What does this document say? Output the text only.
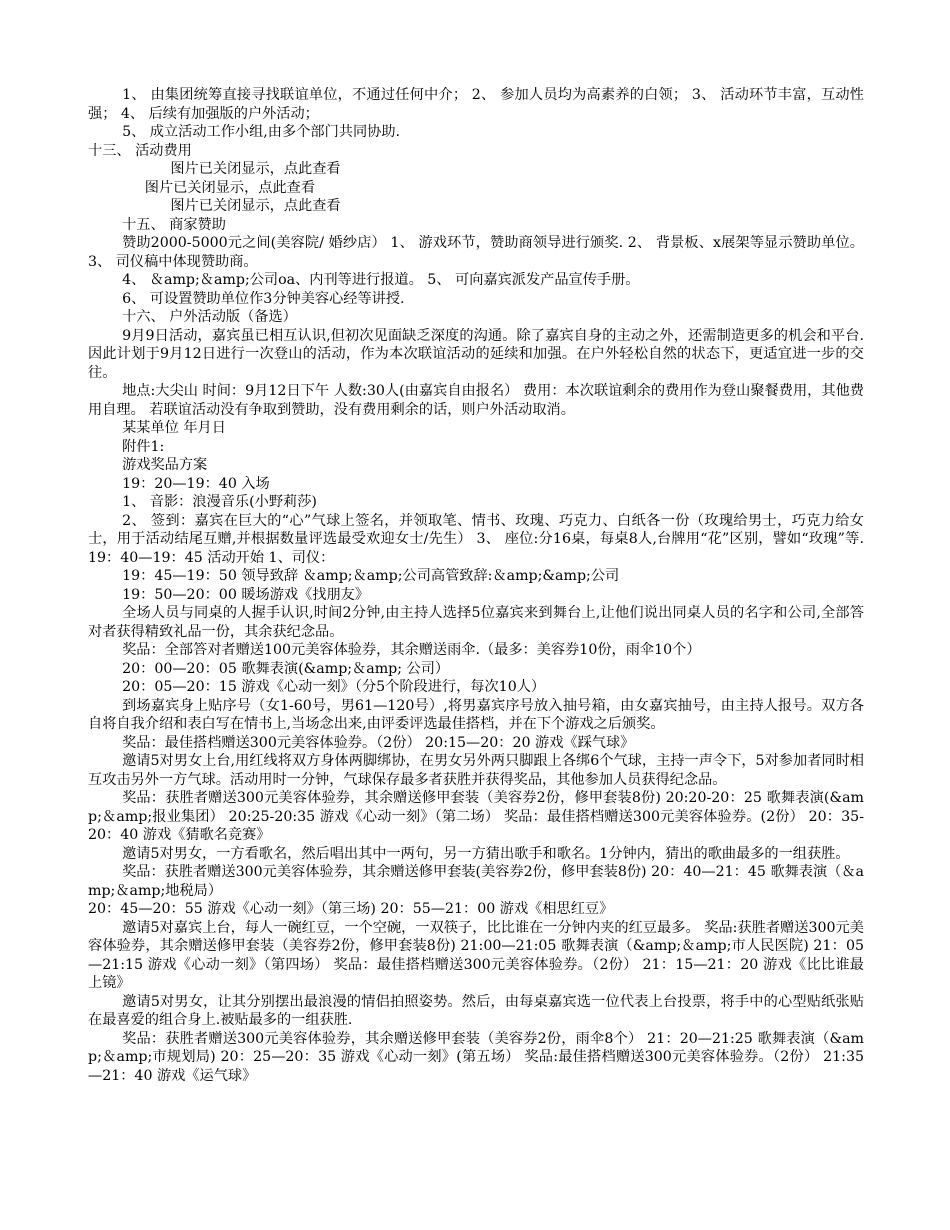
1、 由集团统筹直接寻找联谊单位，不通过任何中介； 2、 参加人员均为高素养的白领； 3、 活动环节丰富，互动性强； 4、 后续有加强版的户外活动；

5、 成立活动工作小组,由多个部门共同协助.

十三、 活动费用

图片已关闭显示，点此查看

图片已关闭显示，点此查看

图片已关闭显示，点此查看

十五、 商家赞助

赞助2000-5000元之间(美容院/ 婚纱店） 1、 游戏环节，赞助商领导进行颁奖. 2、 背景板、x展架等显示赞助单位。 3、 司仪稿中体现赞助商。

4、 ＆amp;＆amp;公司oa、内刊等进行报道。 5、 可向嘉宾派发产品宣传手册。

6、 可设置赞助单位作3分钟美容心经等讲授.

十六、 户外活动版（备选）

9月9日活动，嘉宾虽已相互认识,但初次见面缺乏深度的沟通。除了嘉宾自身的主动之外，还需制造更多的机会和平台.因此计划于9月12日进行一次登山的活动，作为本次联谊活动的延续和加强。在户外轻松自然的状态下，更适宜进一步的交往。

地点:大尖山 时间：9月12日下午 人数:30人(由嘉宾自由报名） 费用：本次联谊剩余的费用作为登山聚餐费用，其他费用自理。 若联谊活动没有争取到赞助，没有费用剩余的话，则户外活动取消。

某某单位 年月日

附件1:

游戏奖品方案

19：20—19：40 入场

1、 音影：浪漫音乐(小野莉莎)

2、 签到：嘉宾在巨大的“心”气球上签名，并领取笔、情书、玫瑰、巧克力、白纸各一份（玫瑰给男士，巧克力给女士，用于活动结尾互赠,并根据数量评选最受欢迎女士/先生） 3、 座位:分16桌，每桌8人,台牌用“花”区别，譬如“玫瑰”等. 19：40—19：45 活动开始 1、司仪：

19：45—19：50 领导致辞 ＆amp;＆amp;公司高管致辞:＆amp;&amp;公司

19：50—20：00 暖场游戏《找朋友》

全场人员与同桌的人握手认识,时间2分钟,由主持人选择5位嘉宾来到舞台上,让他们说出同桌人员的名字和公司,全部答对者获得精致礼品一份，其余获纪念品。

奖品：全部答对者赠送100元美容体验券，其余赠送雨伞.（最多：美容券10份，雨伞10个）

20：00—20：05 歌舞表演(&amp;＆amp; 公司）

20：05—20：15 游戏《心动一刻》（分5个阶段进行，每次10人）

到场嘉宾身上贴序号（女1-60号，男61—120号）,将男嘉宾序号放入抽号箱，由女嘉宾抽号，由主持人报号。双方各自将自我介绍和表白写在情书上,当场念出来,由评委评选最佳搭档，并在下个游戏之后颁奖。

奖品：最佳搭档赠送300元美容体验券。（2份） 20:15—20：20 游戏《踩气球》

邀请5对男女上台,用红线将双方身体两脚绑协，在男女另外两只脚跟上各绑6个气球，主持一声令下，5对参加者同时相互攻击另外一方气球。活动用时一分钟，气球保存最多者获胜并获得奖品，其他参加人员获得纪念品。

奖品：获胜者赠送300元美容体验券，其余赠送修甲套装（美容券2份，修甲套装8份) 20:20-20：25 歌舞表演(&amp;＆amp;报业集团） 20:25-20:35 游戏《心动一刻》（第二场） 奖品：最佳搭档赠送300元美容体验券。(2份） 20：35-20：40 游戏《猜歌名竞赛》

邀请5对男女，一方看歌名，然后唱出其中一两句，另一方猜出歌手和歌名。1分钟内，猜出的歌曲最多的一组获胜。

奖品：获胜者赠送300元美容体验券，其余赠送修甲套装(美容券2份，修甲套装8份) 20：40—21：45 歌舞表演（＆amp;＆amp;地税局）

20：45—20：55 游戏《心动一刻》（第三场) 20：55—21：00 游戏《相思红豆》

邀请5对嘉宾上台，每人一碗红豆，一个空碗，一双筷子，比比谁在一分钟内夹的红豆最多。 奖品:获胜者赠送300元美容体验券，其余赠送修甲套装（美容券2份，修甲套装8份) 21:00—21:05 歌舞表演（&amp;＆amp;市人民医院) 21：05—21:15 游戏《心动一刻》（第四场） 奖品：最佳搭档赠送300元美容体验券。（2份） 21：15—21：20 游戏《比比谁最上镜》

邀请5对男女，让其分别摆出最浪漫的情侣拍照姿势。然后，由每桌嘉宾选一位代表上台投票，将手中的心型贴纸张贴在最喜爱的组合身上.被贴最多的一组获胜.

奖品：获胜者赠送300元美容体验券，其余赠送修甲套装（美容券2份，雨伞8个） 21：20—21:25 歌舞表演（&amp;＆amp;市规划局) 20：25—20：35 游戏《心动一刻》(第五场） 奖品:最佳搭档赠送300元美容体验券。（2份） 21:35—21：40 游戏《运气球》
